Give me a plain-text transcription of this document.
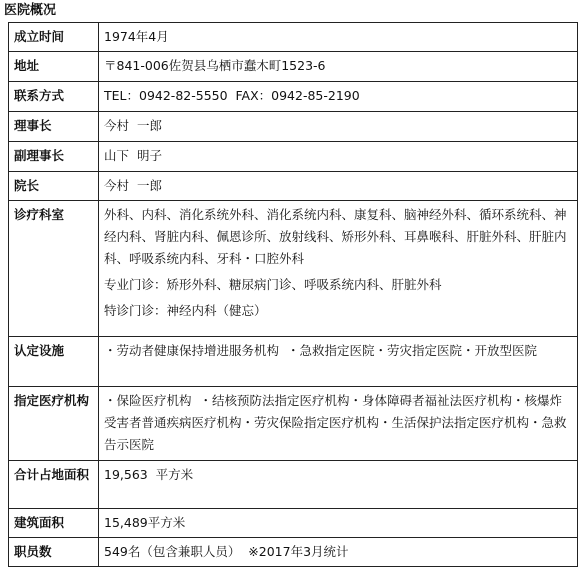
医院概况
成立时间	1974年4月
地址	〒841-006佐贺县乌栖市蠢木町1523-6
联系方式	TEL：0942-82-5550  FAX：0942-85-2190
理事长	今村  一郎
副理事长	山下  明子
院长	今村  一郎
诊疗科室	外科、内科、消化系统外科、消化系统内科、康复科、脑神经外科、循环系统科、神经内科、肾脏内科、佩恩诊所、放射线科、矫形外科、耳鼻喉科、肝脏外科、肝脏内科、呼吸系统内科、牙科・口腔外科
专业门诊：矫形外科、糖尿病门诊、呼吸系统内科、肝脏外科
特诊门诊：神经内科（健忘）

认定设施	・劳动者健康保持增进服务机构  ・急救指定医院・劳灾指定医院・开放型医院
指定医疗机构	・保险医疗机构  ・结核预防法指定医疗机构・身体障碍者福祉法医疗机构・核爆炸受害者普通疾病医疗机构・劳灾保险指定医疗机构・生活保护法指定医疗机构・急救告示医院
合计占地面积	19,563  平方米
建筑面积	15,489平方米
职员数	549名（包含兼职人员）  ※2017年3月统计
